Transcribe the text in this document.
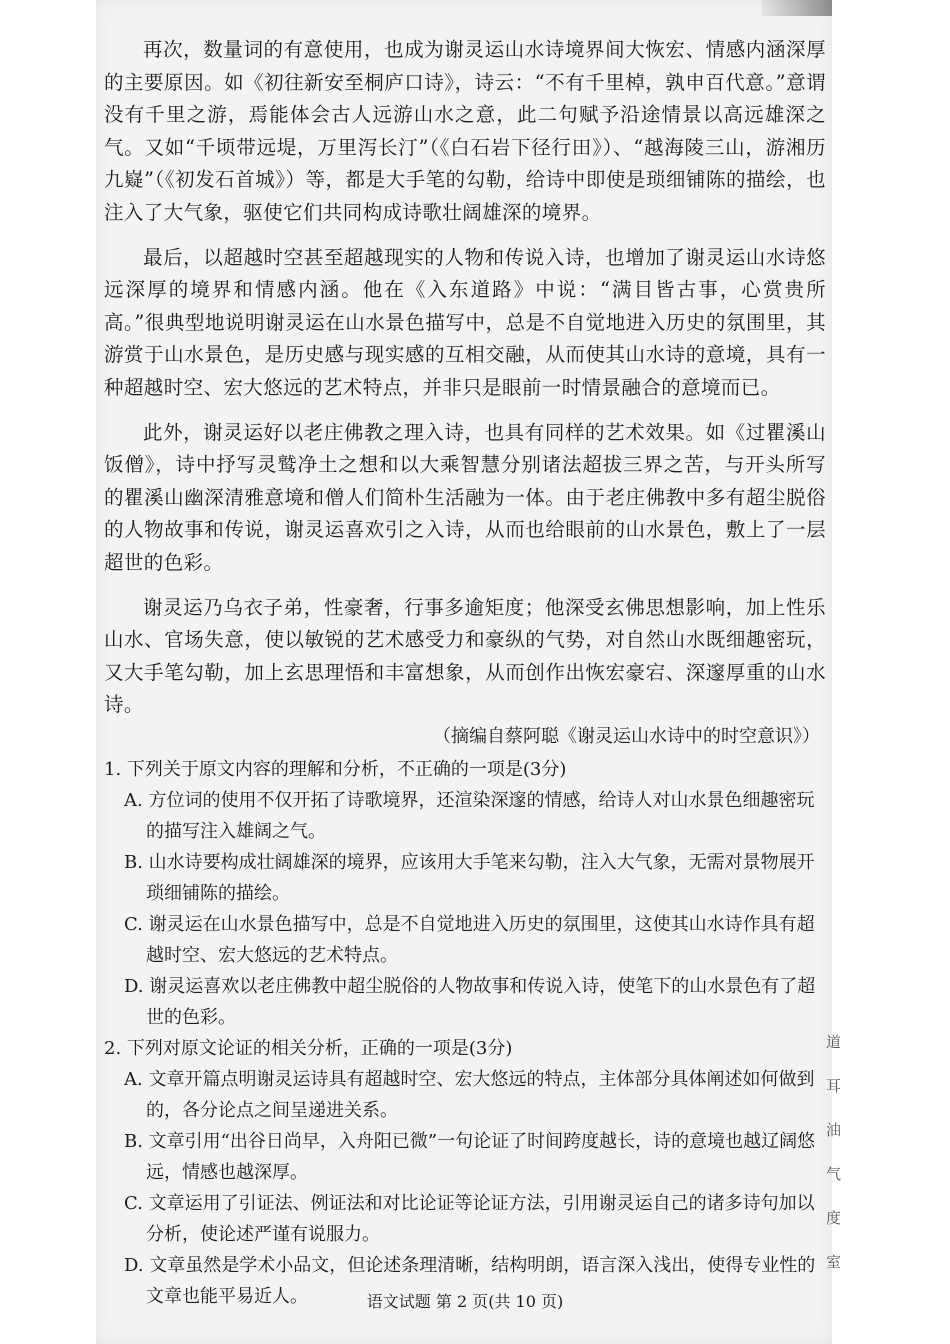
道
耳
油
气
度
室

再次，数量词的有意使用，也成为谢灵运山水诗境界间大恢宏、情感内涵深厚的主要原因。如《初往新安至桐庐口诗》，诗云：“不有千里棹，孰申百代意。”意谓没有千里之游，焉能体会古人远游山水之意，此二句赋予沿途情景以高远雄深之气。又如“千顷带远堤，万里泻长汀”（《白石岩下径行田》）、“越海陵三山，游湘历九嶷”（《初发石首城》）等，都是大手笔的勾勒，给诗中即使是琐细铺陈的描绘，也注入了大气象，驱使它们共同构成诗歌壮阔雄深的境界。

最后，以超越时空甚至超越现实的人物和传说入诗，也增加了谢灵运山水诗悠远深厚的境界和情感内涵。他在《入东道路》中说：“满目皆古事，心赏贵所高。”很典型地说明谢灵运在山水景色描写中，总是不自觉地进入历史的氛围里，其游赏于山水景色，是历史感与现实感的互相交融，从而使其山水诗的意境，具有一种超越时空、宏大悠远的艺术特点，并非只是眼前一时情景融合的意境而已。

此外，谢灵运好以老庄佛教之理入诗，也具有同样的艺术效果。如《过瞿溪山饭僧》，诗中抒写灵鹫净土之想和以大乘智慧分别诸法超拔三界之苦，与开头所写的瞿溪山幽深清雅意境和僧人们简朴生活融为一体。由于老庄佛教中多有超尘脱俗的人物故事和传说，谢灵运喜欢引之入诗，从而也给眼前的山水景色，敷上了一层超世的色彩。

谢灵运乃乌衣子弟，性豪奢，行事多逾矩度；他深受玄佛思想影响，加上性乐山水、官场失意，使以敏锐的艺术感受力和豪纵的气势，对自然山水既细趣密玩，又大手笔勾勒，加上玄思理悟和丰富想象，从而创作出恢宏豪宕、深邃厚重的山水诗。

（摘编自蔡阿聪《谢灵运山水诗中的时空意识》）

1. 下列关于原文内容的理解和分析，不正确的一项是(3分)

A. 方位词的使用不仅开拓了诗歌境界，还渲染深邃的情感，给诗人对山水景色细趣密玩的描写注入雄阔之气。

B. 山水诗要构成壮阔雄深的境界，应该用大手笔来勾勒，注入大气象，无需对景物展开琐细铺陈的描绘。

C. 谢灵运在山水景色描写中，总是不自觉地进入历史的氛围里，这使其山水诗作具有超越时空、宏大悠远的艺术特点。

D. 谢灵运喜欢以老庄佛教中超尘脱俗的人物故事和传说入诗，使笔下的山水景色有了超世的色彩。

2. 下列对原文论证的相关分析，正确的一项是(3分)

A. 文章开篇点明谢灵运诗具有超越时空、宏大悠远的特点，主体部分具体阐述如何做到的，各分论点之间呈递进关系。

B. 文章引用“出谷日尚早，入舟阳已微”一句论证了时间跨度越长，诗的意境也越辽阔悠远，情感也越深厚。

C. 文章运用了引证法、例证法和对比论证等论证方法，引用谢灵运自己的诸多诗句加以分析，使论述严谨有说服力。

D. 文章虽然是学术小品文，但论述条理清晰，结构明朗，语言深入浅出，使得专业性的文章也能平易近人。	语文试题 第 2 页(共 10 页)
